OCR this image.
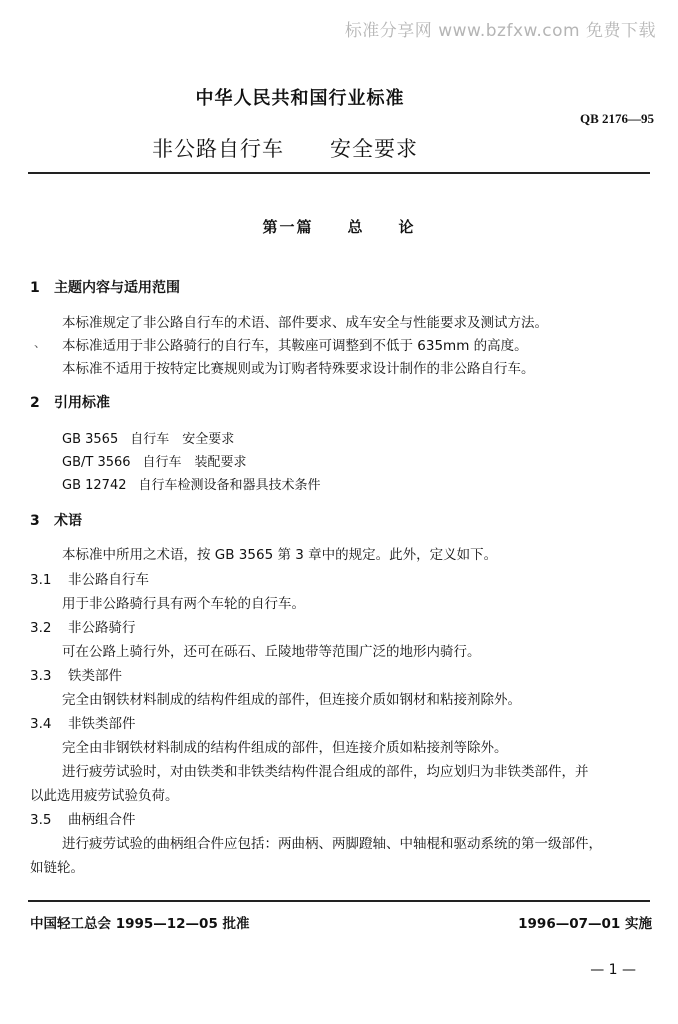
标准分享网 www.bzfxw.com 免费下载
中华人民共和国行业标准
QB 2176—95
非公路自行车 安全要求
第一篇 总 论
1 主题内容与适用范围
本标准规定了非公路自行车的术语、部件要求、成车安全与性能要求及测试方法。
、 本标准适用于非公路骑行的自行车，其鞍座可调整到不低于 635mm 的高度。
本标准不适用于按特定比赛规则或为订购者特殊要求设计制作的非公路自行车。
2 引用标准
GB 3565 自行车　安全要求
GB/T 3566 自行车　装配要求
GB 12742 自行车检测设备和器具技术条件
3 术语
本标准中所用之术语，按 GB 3565 第 3 章中的规定。此外，定义如下。
3.1 非公路自行车
用于非公路骑行具有两个车轮的自行车。
3.2 非公路骑行
可在公路上骑行外，还可在砾石、丘陵地带等范围广泛的地形内骑行。
3.3 铁类部件
完全由钢铁材料制成的结构件组成的部件，但连接介质如钢材和粘接剂除外。
3.4 非铁类部件
完全由非钢铁材料制成的结构件组成的部件，但连接介质如粘接剂等除外。
进行疲劳试验时，对由铁类和非铁类结构件混合组成的部件，均应划归为非铁类部件，并
以此选用疲劳试验负荷。
3.5 曲柄组合件
进行疲劳试验的曲柄组合件应包括：两曲柄、两脚蹬轴、中轴棍和驱动系统的第一级部件，
如链轮。
中国轻工总会 1995—12—05 批准	1996—07—01 实施
— 1 —
